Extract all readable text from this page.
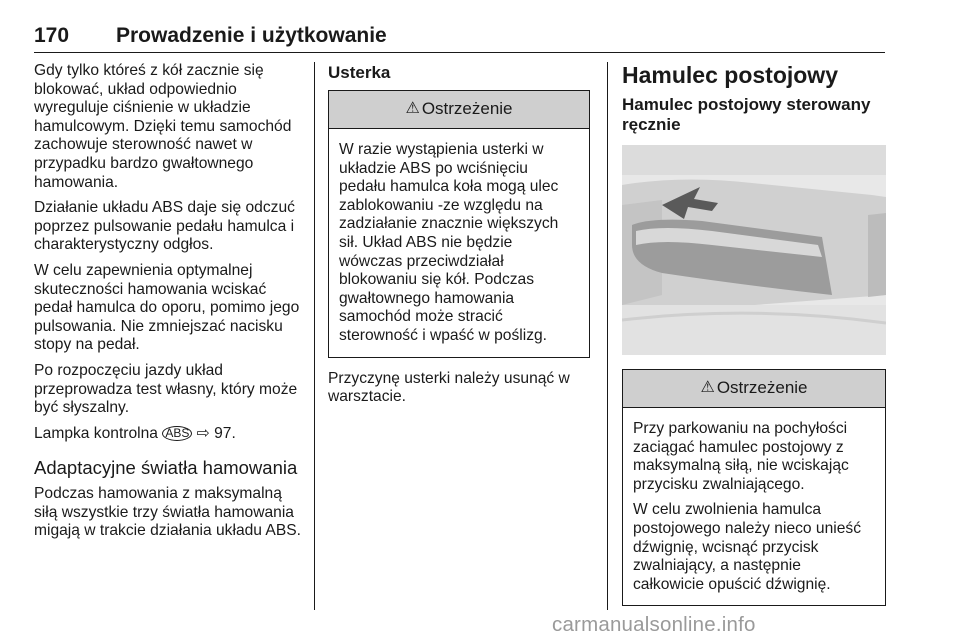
170 Prowadzenie i użytkowanie

Gdy tylko któreś z kół zacznie się blokować, układ odpowiednio wyreguluje ciśnienie w układzie hamulcowym. Dzięki temu samochód zachowuje sterowność nawet w przypadku bardzo gwałtownego hamowania.

Działanie układu ABS daje się odczuć poprzez pulsowanie pedału hamulca i charakterystyczny odgłos.

W celu zapewnienia optymalnej skuteczności hamowania wciskać pedał hamulca do oporu, pomimo jego pulsowania. Nie zmniejszać nacisku stopy na pedał.

Po rozpoczęciu jazdy układ przeprowadza test własny, który może być słyszalny.

Lampka kontrolna ABS ⇨ 97.

Adaptacyjne światła hamowania

Podczas hamowania z maksymalną siłą wszystkie trzy światła hamowania migają w trakcie działania układu ABS.

Usterka
⚠ Ostrzeżenie

W razie wystąpienia usterki w układzie ABS po wciśnięciu pedału hamulca koła mogą ulec zablokowaniu -ze względu na zadziałanie znacznie większych sił. Układ ABS nie będzie wówczas przeciwdziałał blokowaniu się kół. Podczas gwałtownego hamowania samochód może stracić sterowność i wpaść w poślizg.

Przyczynę usterki należy usunąć w warsztacie.

Hamulec postojowy
Hamulec postojowy sterowany ręcznie
⚠ Ostrzeżenie

Przy parkowaniu na pochyłości zaciągać hamulec postojowy z maksymalną siłą, nie wciskając przycisku zwalniającego.

W celu zwolnienia hamulca postojowego należy nieco unieść dźwignię, wcisnąć przycisk zwalniający, a następnie całkowicie opuścić dźwignię.

carmanualsonline.info
